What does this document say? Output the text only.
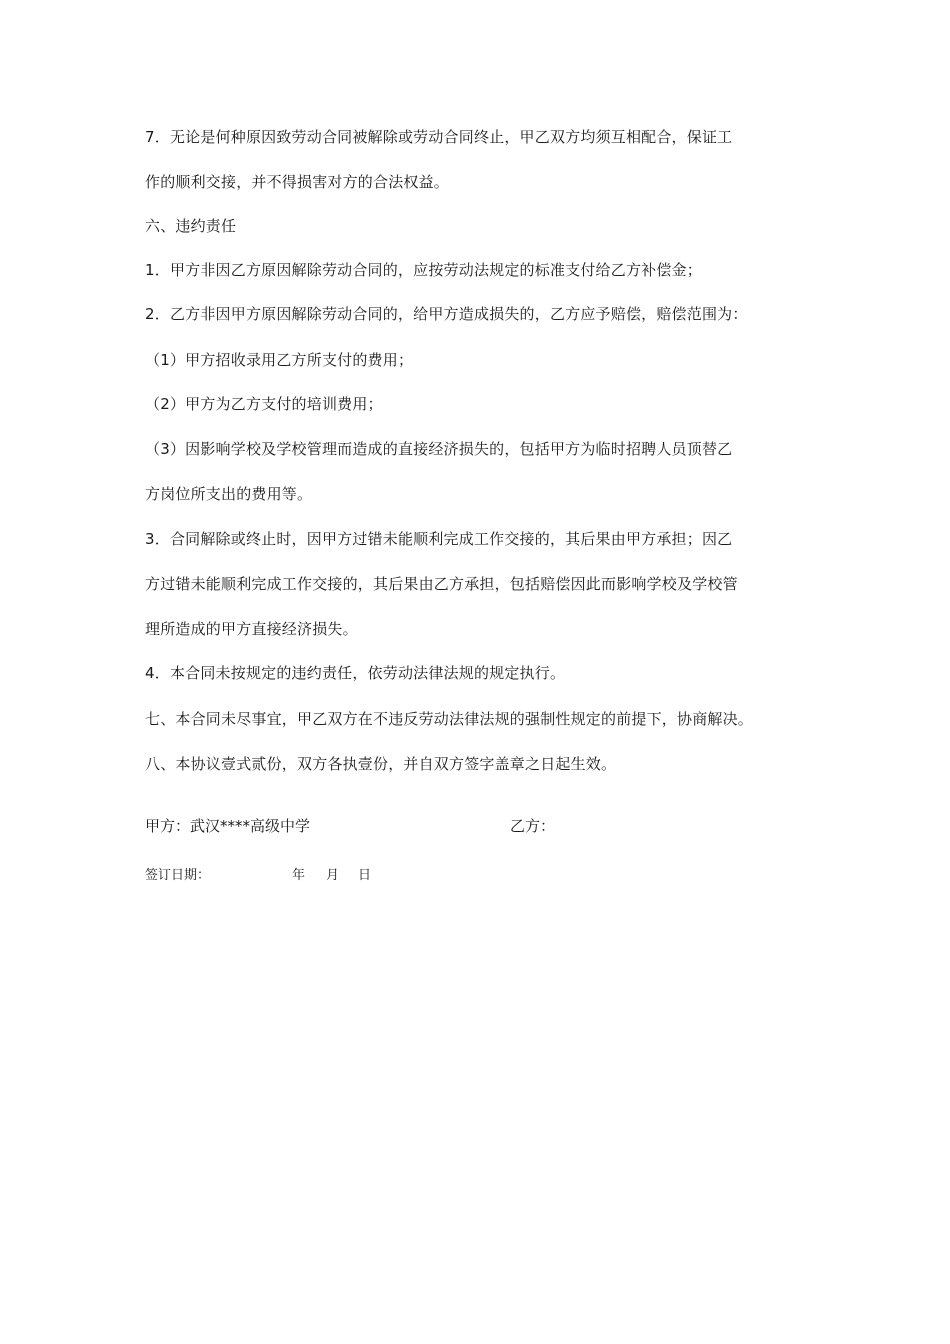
7．无论是何种原因致劳动合同被解除或劳动合同终止，甲乙双方均须互相配合，保证工
作的顺利交接，并不得损害对方的合法权益。
六、违约责任
1．甲方非因乙方原因解除劳动合同的，应按劳动法规定的标准支付给乙方补偿金；
2．乙方非因甲方原因解除劳动合同的，给甲方造成损失的，乙方应予赔偿，赔偿范围为：
（1）甲方招收录用乙方所支付的费用；
（2）甲方为乙方支付的培训费用；
（3）因影响学校及学校管理而造成的直接经济损失的，包括甲方为临时招聘人员顶替乙
方岗位所支出的费用等。
3．合同解除或终止时，因甲方过错未能顺利完成工作交接的，其后果由甲方承担；因乙
方过错未能顺利完成工作交接的，其后果由乙方承担，包括赔偿因此而影响学校及学校管
理所造成的甲方直接经济损失。
4．本合同未按规定的违约责任，依劳动法律法规的规定执行。
七、本合同未尽事宜，甲乙双方在不违反劳动法律法规的强制性规定的前提下，协商解决。
八、本协议壹式贰份，双方各执壹份，并自双方签字盖章之日起生效。
甲方：武汉****高级中学	乙方：
签订日期：	年 月 日
